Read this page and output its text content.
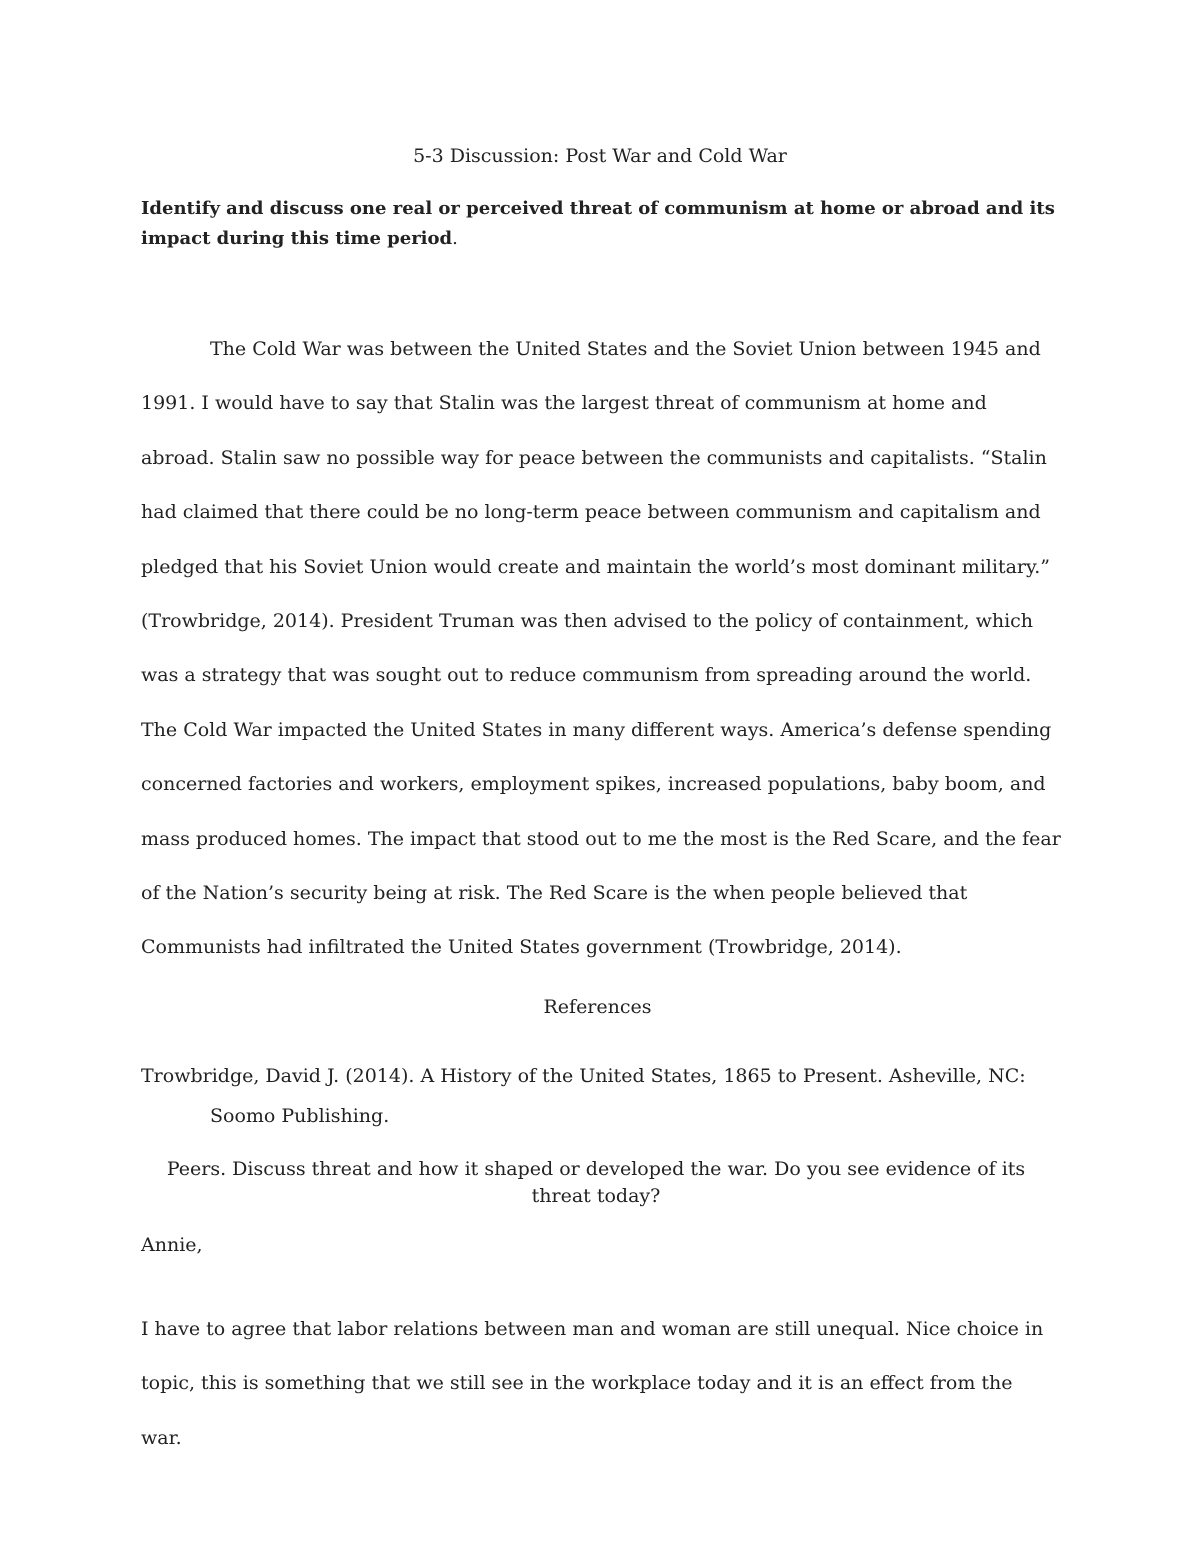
5-3 Discussion: Post War and Cold War
Identify and discuss one real or perceived threat of communism at home or abroad and its impact during this time period.
The Cold War was between the United States and the Soviet Union between 1945 and 1991. I would have to say that Stalin was the largest threat of communism at home and abroad. Stalin saw no possible way for peace between the communists and capitalists. “Stalin had claimed that there could be no long-term peace between communism and capitalism and pledged that his Soviet Union would create and maintain the world’s most dominant military.” (Trowbridge, 2014). President Truman was then advised to the policy of containment, which was a strategy that was sought out to reduce communism from spreading around the world. The Cold War impacted the United States in many different ways. America’s defense spending concerned factories and workers, employment spikes, increased populations, baby boom, and mass produced homes. The impact that stood out to me the most is the Red Scare, and the fear of the Nation’s security being at risk. The Red Scare is the when people believed that Communists had infiltrated the United States government (Trowbridge, 2014).
References
Trowbridge, David J. (2014). A History of the United States, 1865 to Present. Asheville, NC: Soomo Publishing.
Peers. Discuss threat and how it shaped or developed the war. Do you see evidence of its threat today?
Annie,
I have to agree that labor relations between man and woman are still unequal. Nice choice in topic, this is something that we still see in the workplace today and it is an effect from the war.
